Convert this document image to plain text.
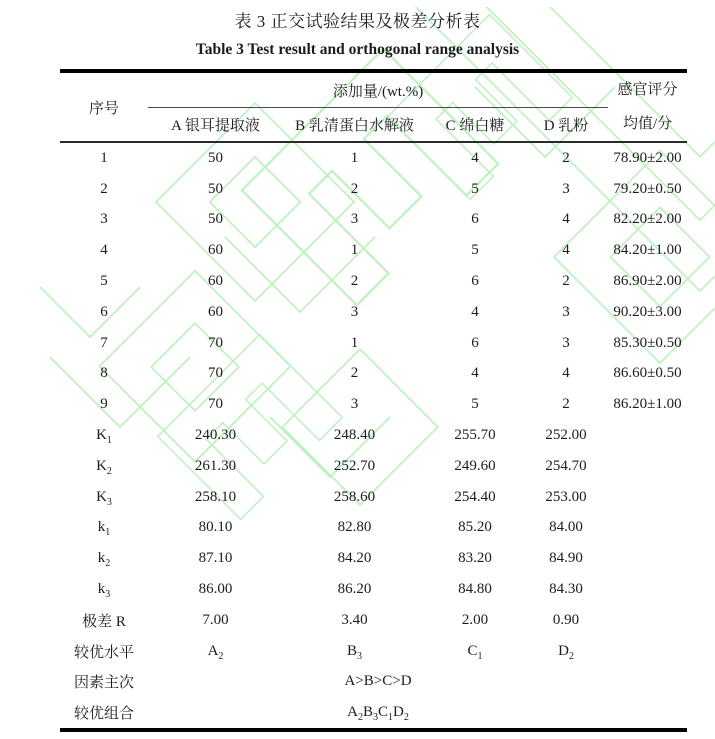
表 3 正交试验结果及极差分析表
Table 3 Test result and orthogonal range analysis
序号	添加量/(wt.%)				感官评分
均值/分

	A 银耳提取液	B 乳清蛋白水解液	C 绵白糖	D 乳粉	
1	50	1	4	2	78.90±2.00
2	50	2	5	3	79.20±0.50
3	50	3	6	4	82.20±2.00
4	60	1	5	4	84.20±1.00
5	60	2	6	2	86.90±2.00
6	60	3	4	3	90.20±3.00
7	70	1	6	3	85.30±0.50
8	70	2	4	4	86.60±0.50
9	70	3	5	2	86.20±1.00
$K_1$	240.30	248.40	255.70	252.00	
$K_2$	261.30	252.70	249.60	254.70	
$K_3$	258.10	258.60	254.40	253.00	
$k_1$	80.10	82.80	85.20	84.00	
$k_2$	87.10	84.20	83.20	84.90	
$k_3$	86.00	86.20	84.80	84.30	
极差 R	7.00	3.40	2.00	0.90	
较优水平	$A_2$	$B_3$	$C_1$	$D_2$	
因素主次	A>B>C>D				
较优组合	$A_2B_3C_1D_2$	
